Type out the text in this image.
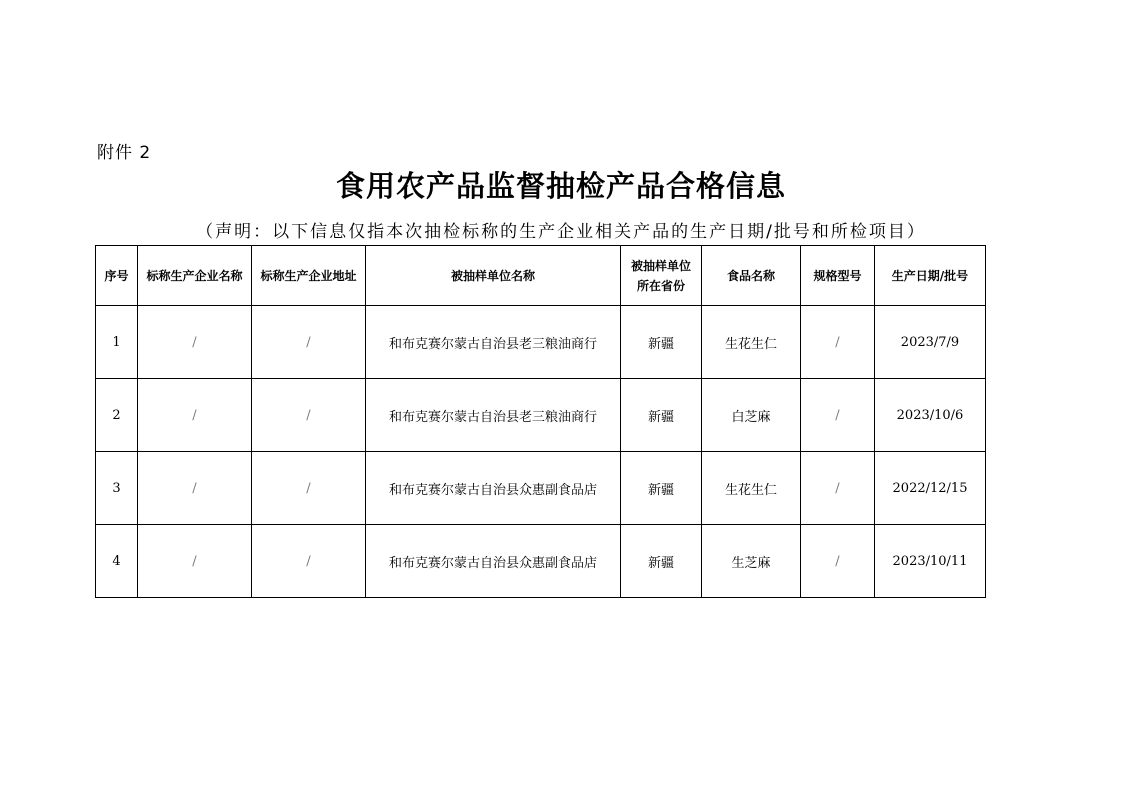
附件 2
食用农产品监督抽检产品合格信息
（声明：以下信息仅指本次抽检标称的生产企业相关产品的生产日期/批号和所检项目）
序号	标称生产企业名称	标称生产企业地址	被抽样单位名称	被抽样单位
所在省份	食品名称	规格型号	生产日期/批号
1	/	/	和布克赛尔蒙古自治县老三粮油商行	新疆	生花生仁	/	2023/7/9
2	/	/	和布克赛尔蒙古自治县老三粮油商行	新疆	白芝麻	/	2023/10/6
3	/	/	和布克赛尔蒙古自治县众惠副食品店	新疆	生花生仁	/	2022/12/15
4	/	/	和布克赛尔蒙古自治县众惠副食品店	新疆	生芝麻	/	2023/10/11
